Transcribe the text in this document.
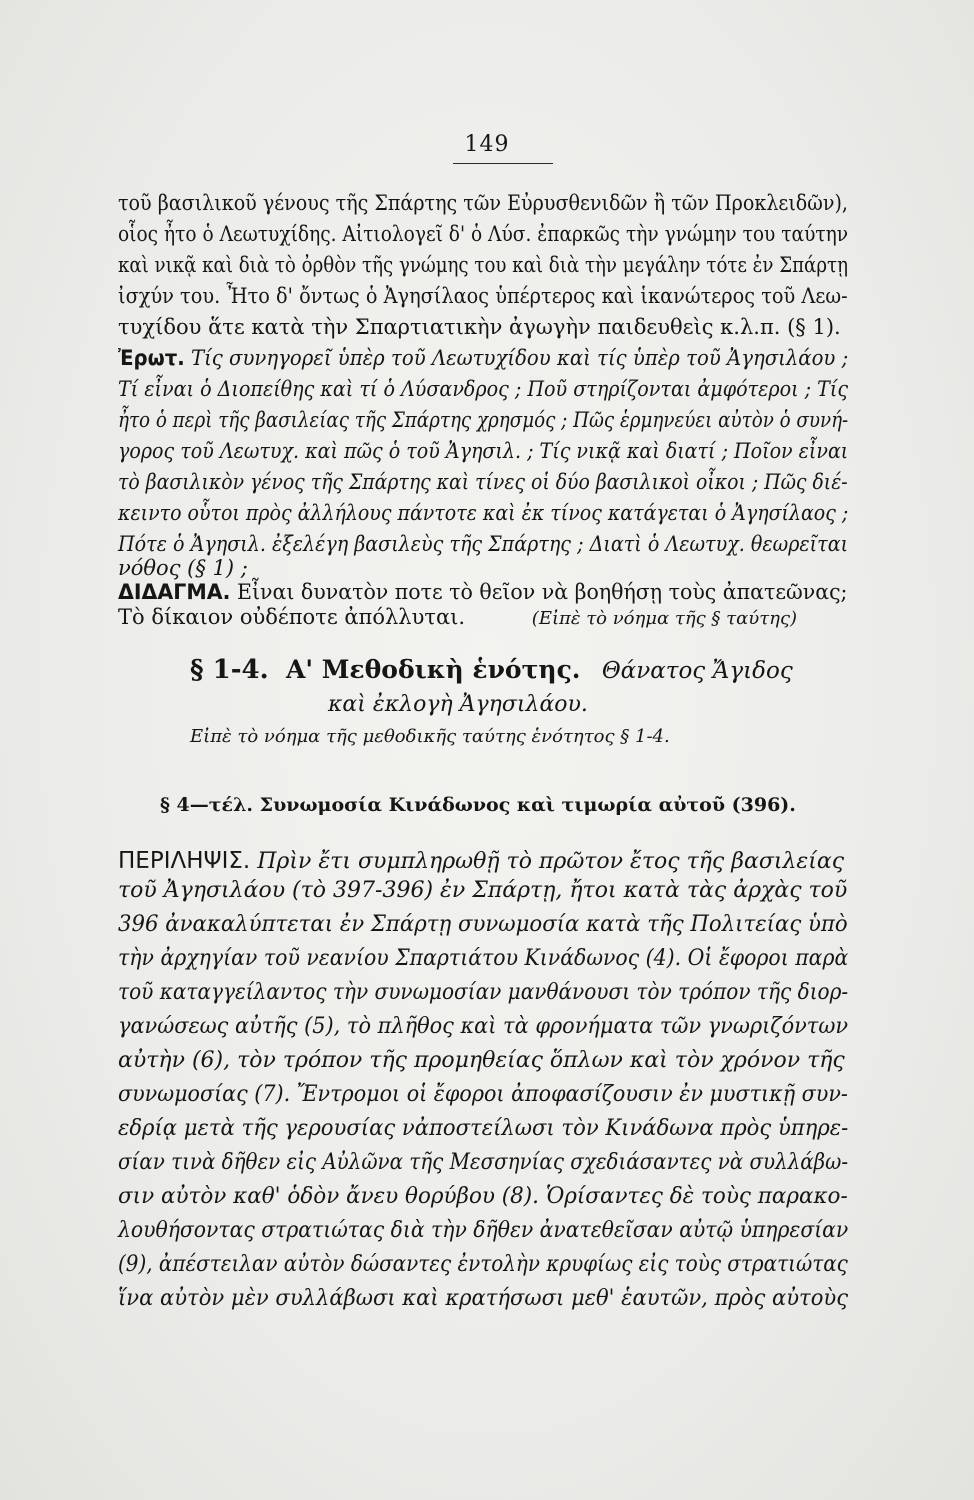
149
τοῦ βασιλικοῦ γένους τῆς Σπάρτης τῶν Εὐρυσθενιδῶν ἢ τῶν Προκλειδῶν),
οἷος ἦτο ὁ Λεωτυχίδης. Αἰτιολογεῖ δ' ὁ Λύσ. ἐπαρκῶς τὴν γνώμην του ταύτην
καὶ νικᾷ καὶ διὰ τὸ ὀρθὸν τῆς γνώμης του καὶ διὰ τὴν μεγάλην τότε ἐν Σπάρτῃ
ἰσχύν του. Ἦτο δ' ὄντως ὁ Ἀγησίλαος ὑπέρτερος καὶ ἱκανώτερος τοῦ Λεω-
τυχίδου ἅτε κατὰ τὴν Σπαρτιατικὴν ἀγωγὴν παιδευθεὶς κ.λ.π. (§ 1).
Ἐρωτ. Τίς συνηγορεῖ ὑπὲρ τοῦ Λεωτυχίδου καὶ τίς ὑπὲρ τοῦ Ἀγησιλάου ;
Τί εἶναι ὁ Διοπείθης καὶ τί ὁ Λύσανδρος ; Ποῦ στηρίζονται ἀμφότεροι ; Τίς
ἦτο ὁ περὶ τῆς βασιλείας τῆς Σπάρτης χρησμός ; Πῶς ἑρμηνεύει αὐτὸν ὁ συνή-
γορος τοῦ Λεωτυχ. καὶ πῶς ὁ τοῦ Ἀγησιλ. ; Τίς νικᾷ καὶ διατί ; Ποῖον εἶναι
τὸ βασιλικὸν γένος τῆς Σπάρτης καὶ τίνες οἱ δύο βασιλικοὶ οἶκοι ; Πῶς διέ-
κειντο οὗτοι πρὸς ἀλλήλους πάντοτε καὶ ἐκ τίνος κατάγεται ὁ Ἀγησίλαος ;
Πότε ὁ Ἀγησιλ. ἐξελέγη βασιλεὺς τῆς Σπάρτης ; Διατὶ ὁ Λεωτυχ. θεωρεῖται
νόθος (§ 1) ;
ΔΙΔΑΓΜΑ. Εἶναι δυνατὸν ποτε τὸ θεῖον νὰ βοηθήσῃ τοὺς ἀπατεῶνας;
Τὸ δίκαιον οὐδέποτε ἀπόλλυται.	(Εἰπὲ τὸ νόημα τῆς § ταύτης)
§ 1-4. Α' Μεθοδικὴ ἑνότης. Θάνατος Ἄγιδος
καὶ ἐκλογὴ Ἀγησιλάου.
Εἰπὲ τὸ νόημα τῆς μεθοδικῆς ταύτης ἑνότητος § 1-4.
§ 4—τέλ. Συνωμοσία Κινάδωνος καὶ τιμωρία αὐτοῦ (396).
ΠΕΡΙΛΗΨΙΣ. Πρὶν ἔτι συμπληρωθῇ τὸ πρῶτον ἔτος τῆς βασιλείας
τοῦ Ἀγησιλάου (τὸ 397-396) ἐν Σπάρτῃ, ἤτοι κατὰ τὰς ἀρχὰς τοῦ
396 ἀνακαλύπτεται ἐν Σπάρτῃ συνωμοσία κατὰ τῆς Πολιτείας ὑπὸ
τὴν ἀρχηγίαν τοῦ νεανίου Σπαρτιάτου Κινάδωνος (4). Οἱ ἔφοροι παρὰ
τοῦ καταγγείλαντος τὴν συνωμοσίαν μανθάνουσι τὸν τρόπον τῆς διορ-
γανώσεως αὐτῆς (5), τὸ πλῆθος καὶ τὰ φρονήματα τῶν γνωριζόντων
αὐτὴν (6), τὸν τρόπον τῆς προμηθείας ὅπλων καὶ τὸν χρόνον τῆς
συνωμοσίας (7). Ἔντρομοι οἱ ἔφοροι ἀποφασίζουσιν ἐν μυστικῇ συν-
εδρίᾳ μετὰ τῆς γερουσίας νἀποστείλωσι τὸν Κινάδωνα πρὸς ὑπηρε-
σίαν τινὰ δῆθεν εἰς Αὐλῶνα τῆς Μεσσηνίας σχεδιάσαντες νὰ συλλάβω-
σιν αὐτὸν καθ' ὁδὸν ἄνευ θορύβου (8). Ὁρίσαντες δὲ τοὺς παρακο-
λουθήσοντας στρατιώτας διὰ τὴν δῆθεν ἀνατεθεῖσαν αὐτῷ ὑπηρεσίαν
(9), ἀπέστειλαν αὐτὸν δώσαντες ἐντολὴν κρυφίως εἰς τοὺς στρατιώτας
ἵνα αὐτὸν μὲν συλλάβωσι καὶ κρατήσωσι μεθ' ἑαυτῶν, πρὸς αὐτοὺς
